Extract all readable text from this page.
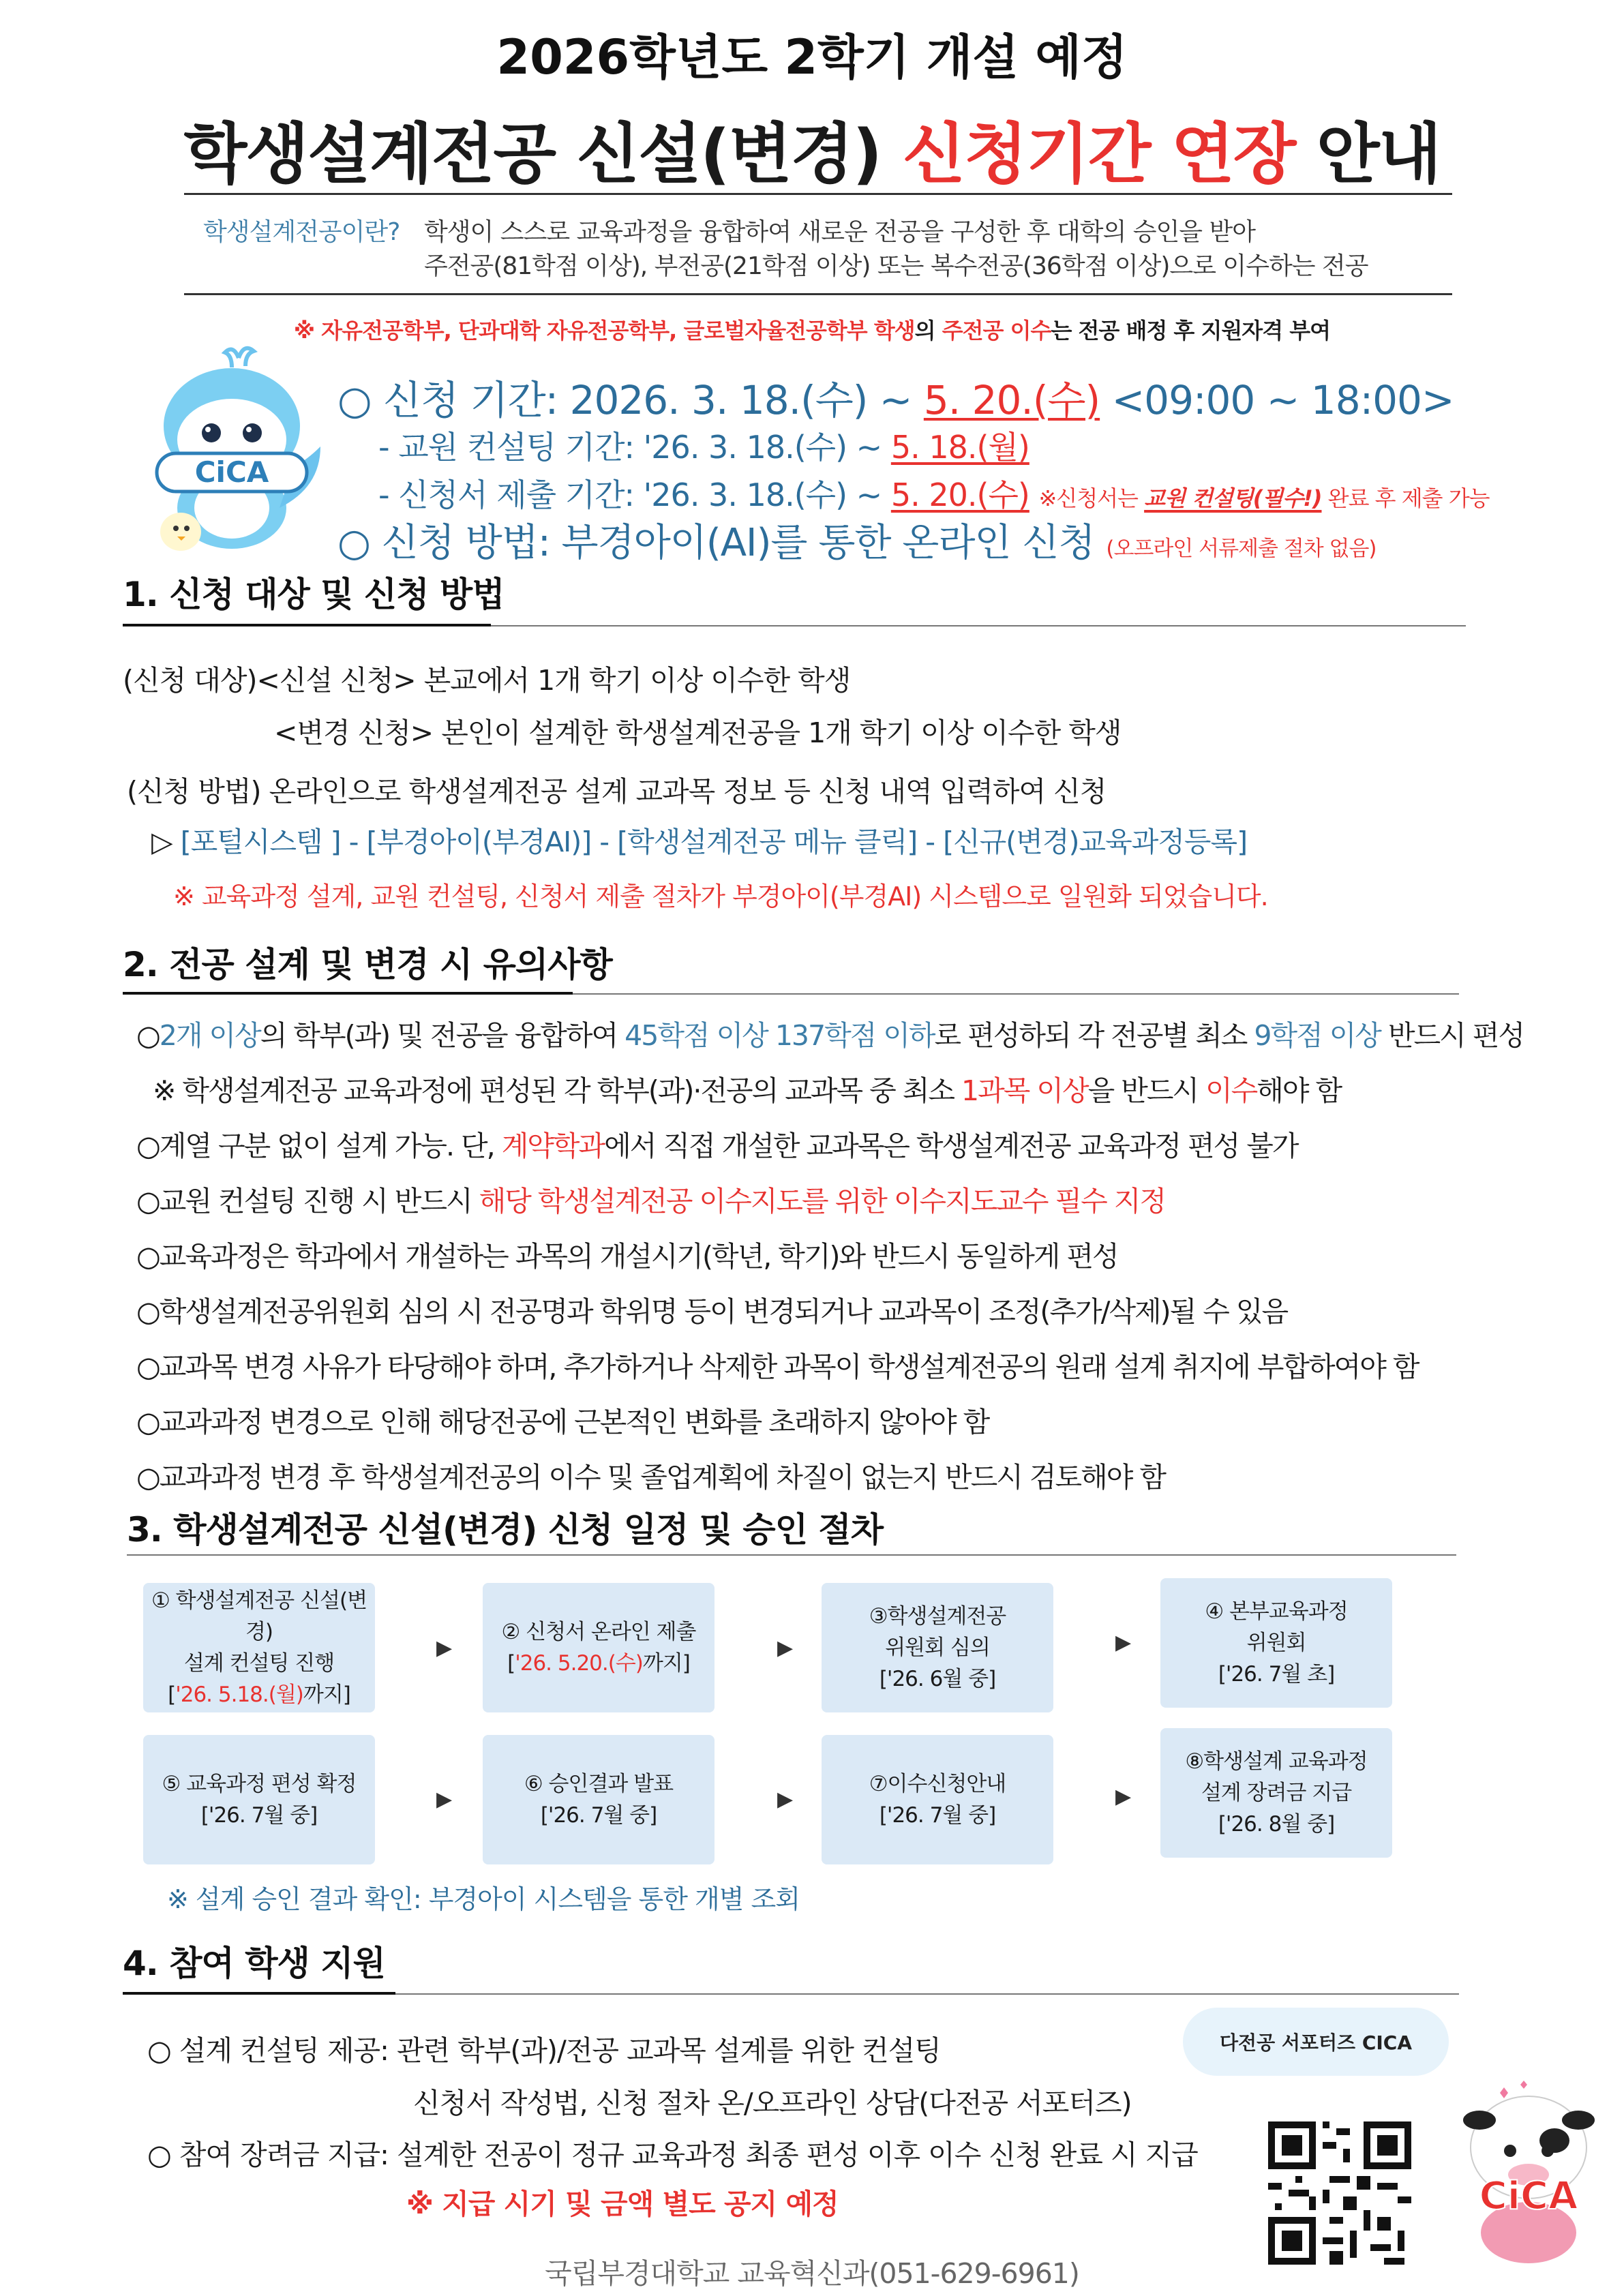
2026학년도 2학기 개설 예정
학생설계전공 신설(변경) 신청기간 연장 안내
학생설계전공이란? 학생이 스스로 교육과정을 융합하여 새로운 전공을 구성한 후 대학의 승인을 받아
주전공(81학점 이상), 부전공(21학점 이상) 또는 복수전공(36학점 이상)으로 이수하는 전공
※ 자유전공학부, 단과대학 자유전공학부, 글로벌자율전공학부 학생의 주전공 이수는 전공 배정 후 지원자격 부여
CiCA
○ 신청 기간: 2026. 3. 18.(수) ~ 5. 20.(수) <09:00 ~ 18:00>
- 교원 컨설팅 기간: '26. 3. 18.(수) ~ 5. 18.(월)
- 신청서 제출 기간: '26. 3. 18.(수) ~ 5. 20.(수) ※신청서는 교원 컨설팅(필수!) 완료 후 제출 가능
○ 신청 방법: 부경아이(AI)를 통한 온라인 신청 (오프라인 서류제출 절차 없음)
1. 신청 대상 및 신청 방법
(신청 대상)<신설 신청> 본교에서 1개 학기 이상 이수한 학생
<변경 신청> 본인이 설계한 학생설계전공을 1개 학기 이상 이수한 학생
(신청 방법) 온라인으로 학생설계전공 설계 교과목 정보 등 신청 내역 입력하여 신청
▷ [포털시스템 ] - [부경아이(부경AI)] - [학생설계전공 메뉴 클릭] - [신규(변경)교육과정등록]
※ 교육과정 설계, 교원 컨설팅, 신청서 제출 절차가 부경아이(부경AI) 시스템으로 일원화 되었습니다.
2. 전공 설계 및 변경 시 유의사항
○2개 이상의 학부(과) 및 전공을 융합하여 45학점 이상 137학점 이하로 편성하되 각 전공별 최소 9학점 이상 반드시 편성
※ 학생설계전공 교육과정에 편성된 각 학부(과)·전공의 교과목 중 최소 1과목 이상을 반드시 이수해야 함
○계열 구분 없이 설계 가능. 단, 계약학과에서 직접 개설한 교과목은 학생설계전공 교육과정 편성 불가
○교원 컨설팅 진행 시 반드시 해당 학생설계전공 이수지도를 위한 이수지도교수 필수 지정
○교육과정은 학과에서 개설하는 과목의 개설시기(학년, 학기)와 반드시 동일하게 편성
○학생설계전공위원회 심의 시 전공명과 학위명 등이 변경되거나 교과목이 조정(추가/삭제)될 수 있음
○교과목 변경 사유가 타당해야 하며, 추가하거나 삭제한 과목이 학생설계전공의 원래 설계 취지에 부합하여야 함
○교과과정 변경으로 인해 해당전공에 근본적인 변화를 초래하지 않아야 함
○교과과정 변경 후 학생설계전공의 이수 및 졸업계획에 차질이 없는지 반드시 검토해야 함
3. 학생설계전공 신설(변경) 신청 일정 및 승인 절차
① 학생설계전공 신설(변경)
설계 컨설팅 진행
['26. 5.18.(월)까지]
▶
② 신청서 온라인 제출
['26. 5.20.(수)까지]
▶
③학생설계전공
위원회 심의
['26. 6월 중]
▶
④ 본부교육과정
위원회
['26. 7월 초]
⑤ 교육과정 편성 확정
['26. 7월 중]
▶
⑥ 승인결과 발표
['26. 7월 중]
▶
⑦이수신청안내
['26. 7월 중]
▶
⑧학생설계 교육과정
설계 장려금 지급
['26. 8월 중]
※ 설계 승인 결과 확인: 부경아이 시스템을 통한 개별 조회
4. 참여 학생 지원
○ 설계 컨설팅 제공: 관련 학부(과)/전공 교과목 설계를 위한 컨설팅
신청서 작성법, 신청 절차 온/오프라인 상담(다전공 서포터즈)
○ 참여 장려금 지급: 설계한 전공이 정규 교육과정 최종 편성 이후 이수 신청 완료 시 지급
※ 지급 시기 및 금액 별도 공지 예정
다전공 서포터즈 CICA
CiCA
국립부경대학교 교육혁신과(051-629-6961)
